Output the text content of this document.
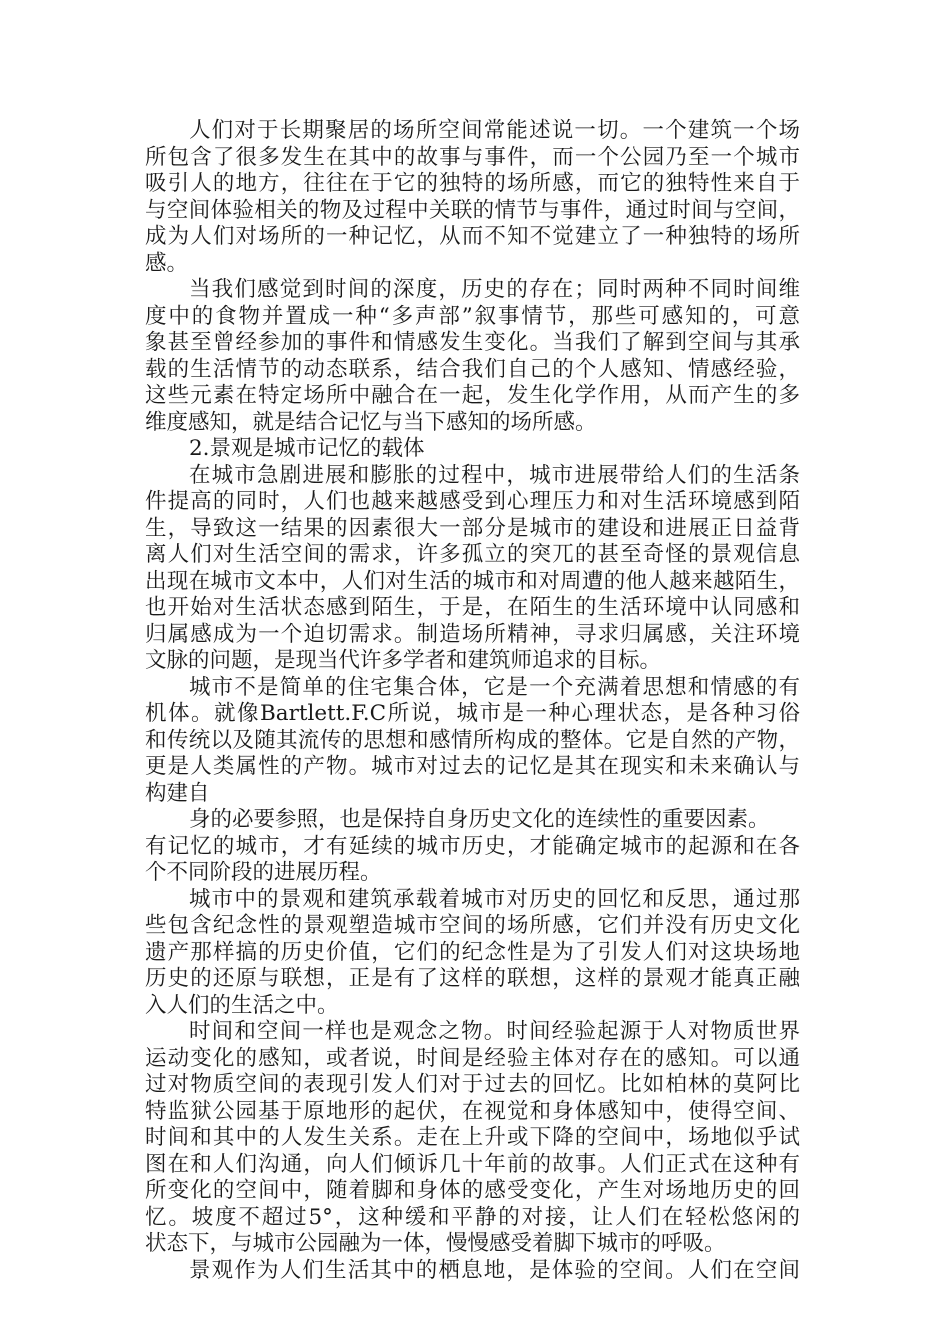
人们对于长期聚居的场所空间常能述说一切。一个建筑一个场
所包含了很多发生在其中的故事与事件，而一个公园乃至一个城市
吸引人的地方，往往在于它的独特的场所感，而它的独特性来自于
与空间体验相关的物及过程中关联的情节与事件，通过时间与空间，
成为人们对场所的一种记忆，从而不知不觉建立了一种独特的场所
感。
当我们感觉到时间的深度，历史的存在；同时两种不同时间维
度中的食物并置成一种“多声部”叙事情节，那些可感知的，可意
象甚至曾经参加的事件和情感发生变化。当我们了解到空间与其承
载的生活情节的动态联系，结合我们自己的个人感知、情感经验，
这些元素在特定场所中融合在一起，发生化学作用，从而产生的多
维度感知，就是结合记忆与当下感知的场所感。
2.景观是城市记忆的载体
在城市急剧进展和膨胀的过程中，城市进展带给人们的生活条
件提高的同时，人们也越来越感受到心理压力和对生活环境感到陌
生，导致这一结果的因素很大一部分是城市的建设和进展正日益背
离人们对生活空间的需求，许多孤立的突兀的甚至奇怪的景观信息
出现在城市文本中，人们对生活的城市和对周遭的他人越来越陌生，
也开始对生活状态感到陌生，于是，在陌生的生活环境中认同感和
归属感成为一个迫切需求。制造场所精神，寻求归属感，关注环境
文脉的问题，是现当代许多学者和建筑师追求的目标。
城市不是简单的住宅集合体，它是一个充满着思想和情感的有
机体。就像Bartlett.F.C所说，城市是一种心理状态，是各种习俗
和传统以及随其流传的思想和感情所构成的整体。它是自然的产物，
更是人类属性的产物。城市对过去的记忆是其在现实和未来确认与
构建自
身的必要参照，也是保持自身历史文化的连续性的重要因素。
有记忆的城市，才有延续的城市历史，才能确定城市的起源和在各
个不同阶段的进展历程。
城市中的景观和建筑承载着城市对历史的回忆和反思，通过那
些包含纪念性的景观塑造城市空间的场所感，它们并没有历史文化
遗产那样搞的历史价值，它们的纪念性是为了引发人们对这块场地
历史的还原与联想，正是有了这样的联想，这样的景观才能真正融
入人们的生活之中。
时间和空间一样也是观念之物。时间经验起源于人对物质世界
运动变化的感知，或者说，时间是经验主体对存在的感知。可以通
过对物质空间的表现引发人们对于过去的回忆。比如柏林的莫阿比
特监狱公园基于原地形的起伏，在视觉和身体感知中，使得空间、
时间和其中的人发生关系。走在上升或下降的空间中，场地似乎试
图在和人们沟通，向人们倾诉几十年前的故事。人们正式在这种有
所变化的空间中，随着脚和身体的感受变化，产生对场地历史的回
忆。坡度不超过5°，这种缓和平静的对接，让人们在轻松悠闲的
状态下，与城市公园融为一体，慢慢感受着脚下城市的呼吸。
景观作为人们生活其中的栖息地，是体验的空间。人们在空间
